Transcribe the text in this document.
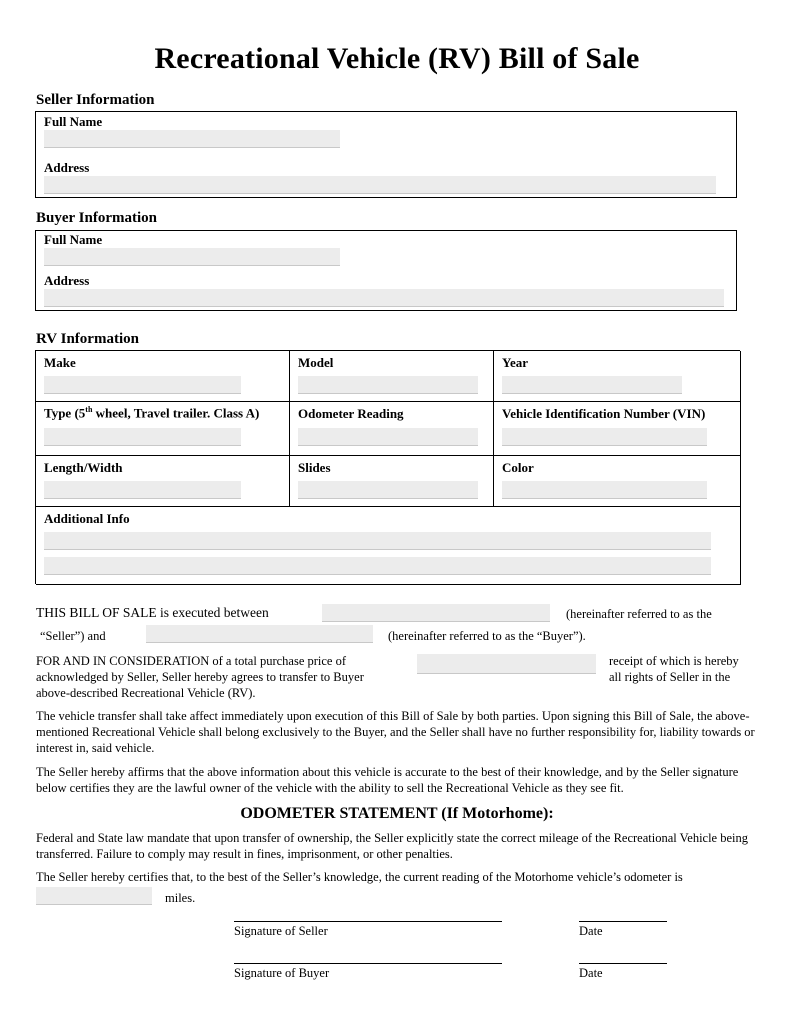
Recreational Vehicle (RV) Bill of Sale
Seller Information
Full Name
Address
Buyer Information
Full Name
Address
RV Information
Make	Model	Year
Type (5th wheel, Travel trailer. Class A)	Odometer Reading	Vehicle Identification Number (VIN)
Length/Width	Slides	Color
Additional Info
THIS BILL OF SALE is executed between	(hereinafter referred to as the
“Seller”) and	(hereinafter referred to as the “Buyer”).
FOR AND IN CONSIDERATION of a total purchase price of
acknowledged by Seller, Seller hereby agrees to transfer to Buyer
above-described Recreational Vehicle (RV).
receipt of which is hereby
all rights of Seller in the
The vehicle transfer shall take affect immediately upon execution of this Bill of Sale by both parties. Upon signing this Bill of Sale, the above-mentioned Recreational Vehicle shall belong exclusively to the Buyer, and the Seller shall have no further responsibility for, liability towards or interest in, said vehicle.
The Seller hereby affirms that the above information about this vehicle is accurate to the best of their knowledge, and by the Seller signature below certifies they are the lawful owner of the vehicle with the ability to sell the Recreational Vehicle as they see fit.
ODOMETER STATEMENT (If Motorhome):
Federal and State law mandate that upon transfer of ownership, the Seller explicitly state the correct mileage of the Recreational Vehicle being transferred. Failure to comply may result in fines, imprisonment, or other penalties.
The Seller hereby certifies that, to the best of the Seller’s knowledge, the current reading of the Motorhome vehicle’s odometer is
miles.
Signature of Seller	Date
Signature of Buyer	Date
